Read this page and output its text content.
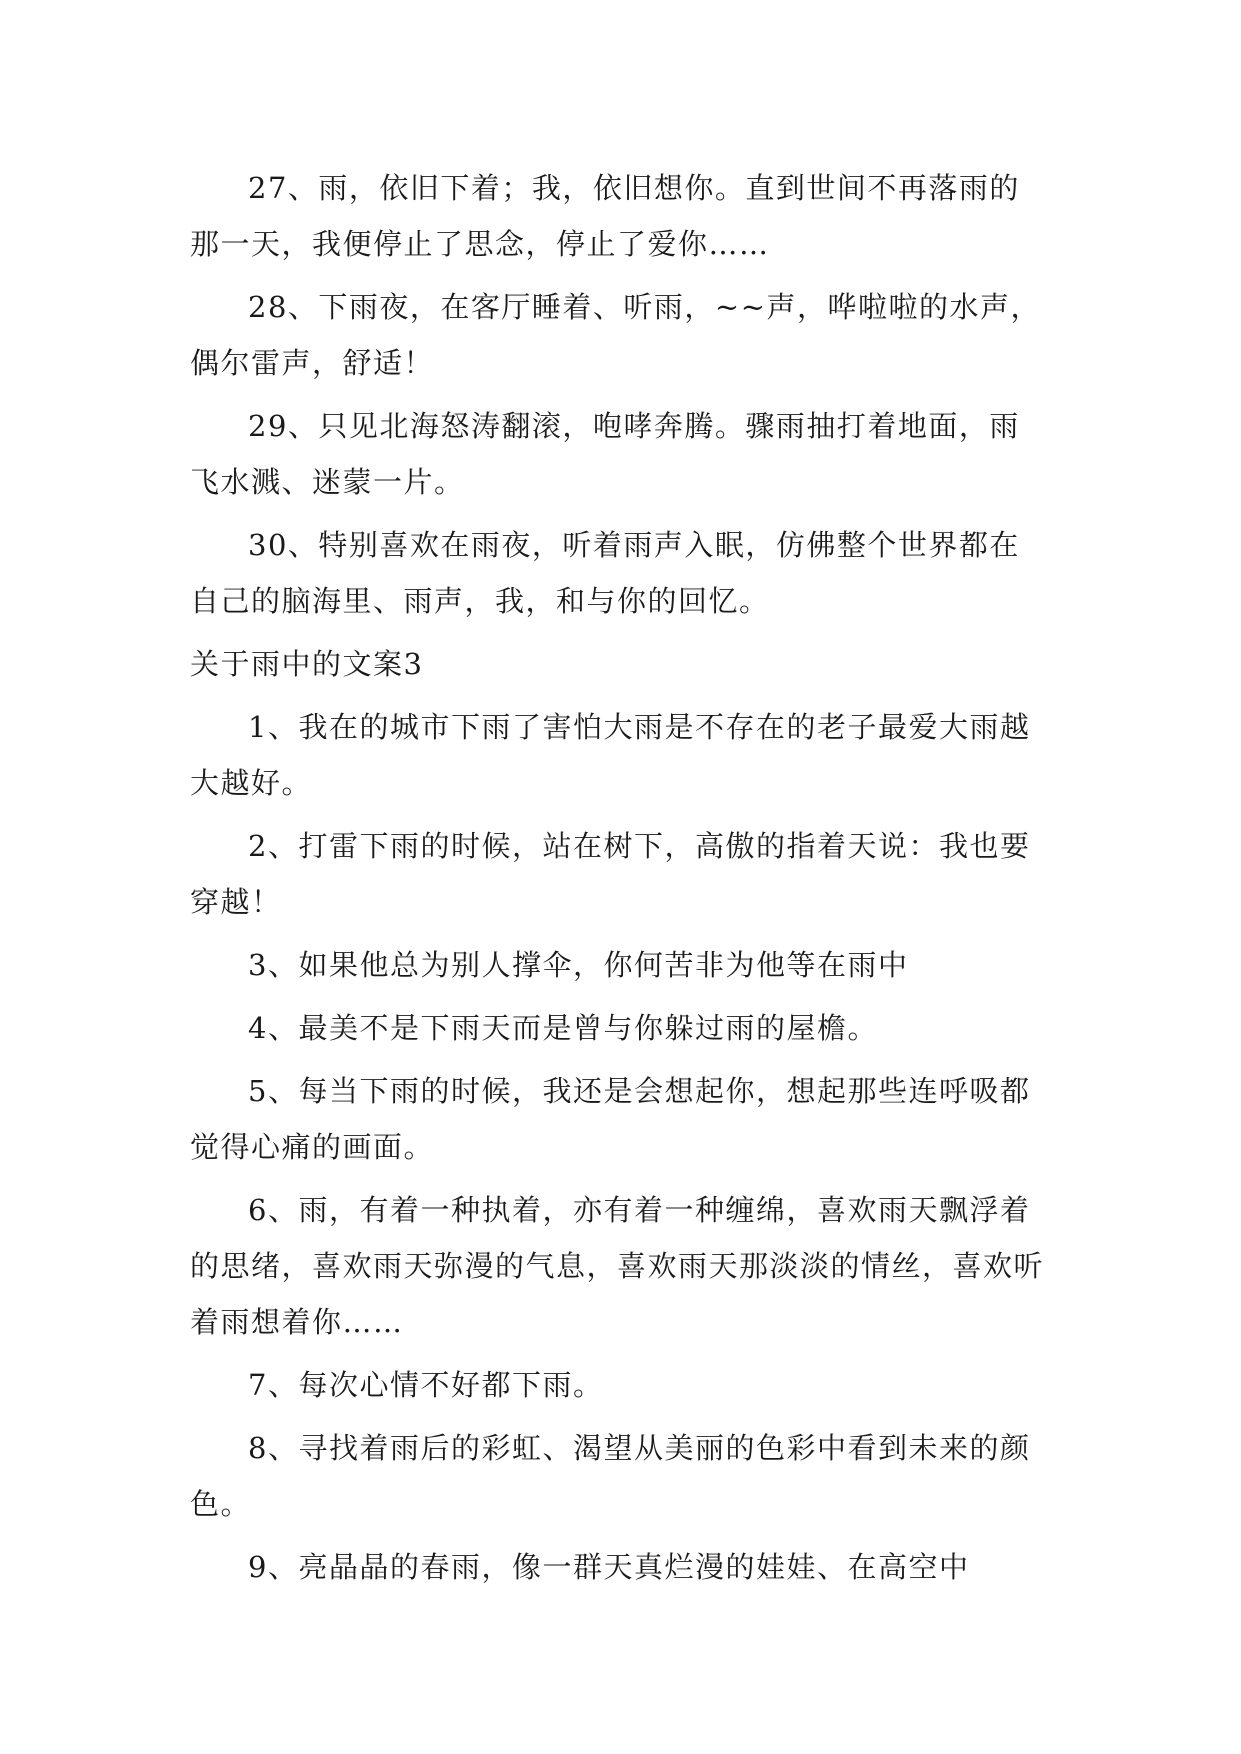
27、雨，依旧下着；我，依旧想你。直到世间不再落雨的那一天，我便停止了思念，停止了爱你……

28、下雨夜，在客厅睡着、听雨，~~声，哗啦啦的水声，偶尔雷声，舒适！

29、只见北海怒涛翻滚，咆哮奔腾。骤雨抽打着地面，雨飞水溅、迷蒙一片。

30、特别喜欢在雨夜，听着雨声入眠，仿佛整个世界都在自己的脑海里、雨声，我，和与你的回忆。

关于雨中的文案3

1、我在的城市下雨了害怕大雨是不存在的老子最爱大雨越大越好。

2、打雷下雨的时候，站在树下，高傲的指着天说：我也要穿越！

3、如果他总为别人撑伞，你何苦非为他等在雨中

4、最美不是下雨天而是曾与你躲过雨的屋檐。

5、每当下雨的时候，我还是会想起你，想起那些连呼吸都觉得心痛的画面。

6、雨，有着一种执着，亦有着一种缠绵，喜欢雨天飘浮着的思绪，喜欢雨天弥漫的气息，喜欢雨天那淡淡的情丝，喜欢听着雨想着你……

7、每次心情不好都下雨。

8、寻找着雨后的彩虹、渴望从美丽的色彩中看到未来的颜色。

9、亮晶晶的春雨，像一群天真烂漫的娃娃、在高空中
